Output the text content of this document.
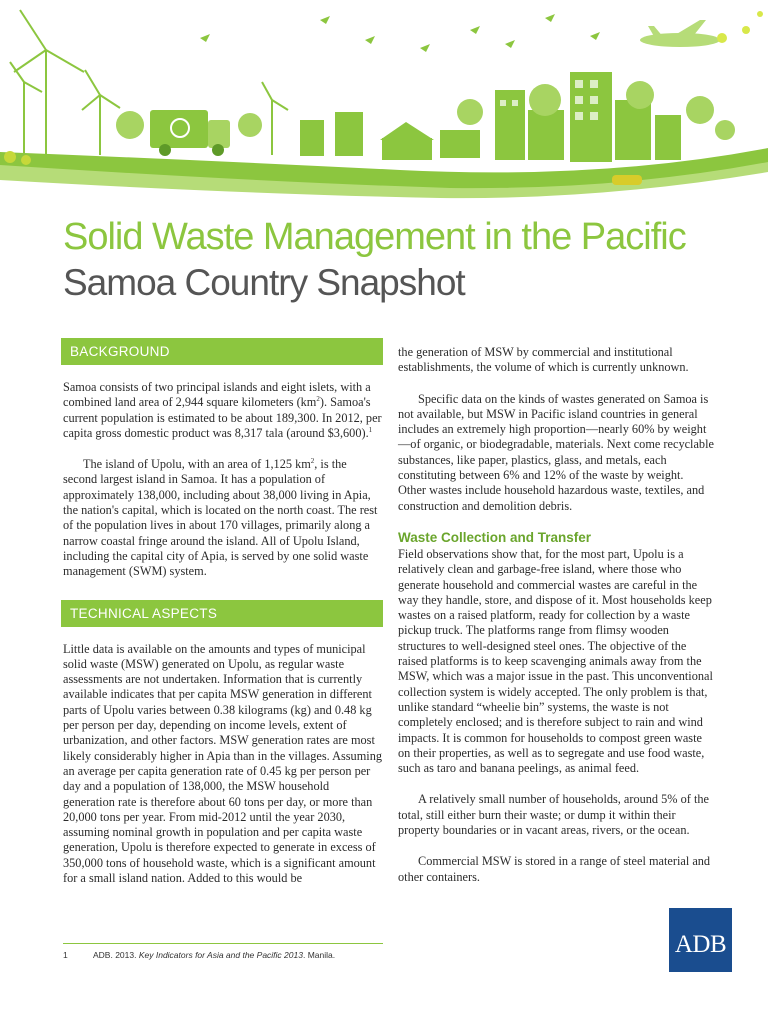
Solid Waste Management in the Pacific
Samoa Country Snapshot
BACKGROUND

Samoa consists of two principal islands and eight islets, with a combined land area of 2,944 square kilometers $(km^2)$. Samoa's current population is estimated to be about 189,300. In 2012, per capita gross domestic product was 8,317 tala (around $3,600).$^1$

The island of Upolu, with an area of 1,125 $km^2$, is the second largest island in Samoa. It has a population of approximately 138,000, including about 38,000 living in Apia, the nation's capital, which is located on the north coast. The rest of the population lives in about 170 villages, primarily along a narrow coastal fringe around the island. All of Upolu Island, including the capital city of Apia, is served by one solid waste management (SWM) system.

TECHNICAL ASPECTS

Little data is available on the amounts and types of municipal solid waste (MSW) generated on Upolu, as regular waste assessments are not undertaken. Information that is currently available indicates that per capita MSW generation in different parts of Upolu varies between 0.38 kilograms (kg) and 0.48 kg per person per day, depending on income levels, extent of urbanization, and other factors. MSW generation rates are most likely considerably higher in Apia than in the villages. Assuming an average per capita generation rate of 0.45 kg per person per day and a population of 138,000, the MSW household generation rate is therefore about 60 tons per day, or more than 20,000 tons per year. From mid-2012 until the year 2030, assuming nominal growth in population and per capita waste generation, Upolu is therefore expected to generate in excess of 350,000 tons of household waste, which is a significant amount for a small island nation. Added to this would be

the generation of MSW by commercial and institutional establishments, the volume of which is currently unknown.

Specific data on the kinds of wastes generated on Samoa is not available, but MSW in Pacific island countries in general includes an extremely high proportion—nearly 60% by weight—of organic, or biodegradable, materials. Next come recyclable substances, like paper, plastics, glass, and metals, each constituting between 6% and 12% of the waste by weight. Other wastes include household hazardous waste, textiles, and construction and demolition debris.

Waste Collection and Transfer

Field observations show that, for the most part, Upolu is a relatively clean and garbage-free island, where those who generate household and commercial wastes are careful in the way they handle, store, and dispose of it. Most households keep wastes on a raised platform, ready for collection by a waste pickup truck. The platforms range from flimsy wooden structures to well-designed steel ones. The objective of the raised platforms is to keep scavenging animals away from the MSW, which was a major issue in the past. This unconventional collection system is widely accepted. The only problem is that, unlike standard “wheelie bin” systems, the waste is not completely enclosed; and is therefore subject to rain and wind impacts. It is common for households to compost green waste on their properties, as well as to segregate and use food waste, such as taro and banana peelings, as animal feed.

A relatively small number of households, around 5% of the total, still either burn their waste; or dump it within their property boundaries or in vacant areas, rivers, or the ocean.

Commercial MSW is stored in a range of steel material and other containers.

1	ADB. 2013. Key Indicators for Asia and the Pacific 2013. Manila.	ADB
